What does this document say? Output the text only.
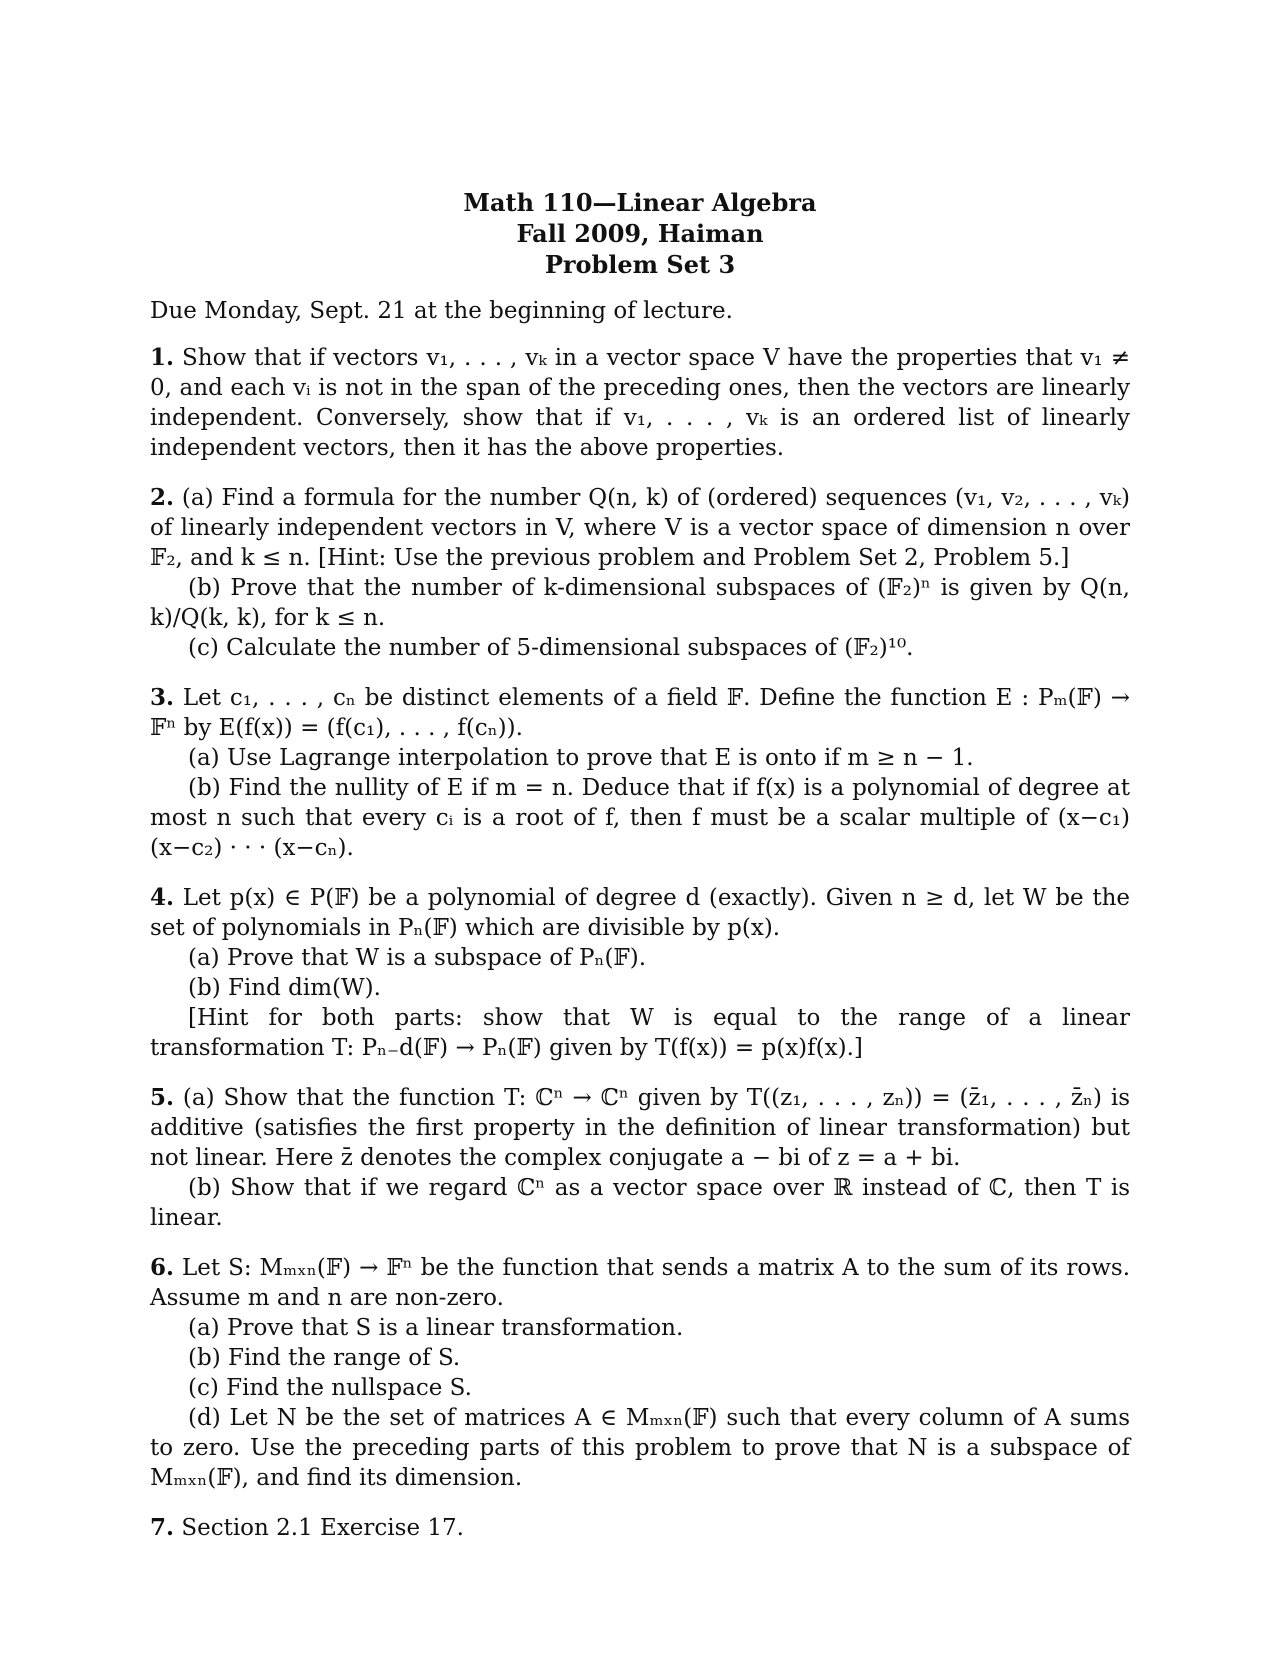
Math 110—Linear Algebra
Fall 2009, Haiman
Problem Set 3
Due Monday, Sept. 21 at the beginning of lecture.
1. Show that if vectors v₁, . . . , vₖ in a vector space V have the properties that v₁ ≠ 0, and each vᵢ is not in the span of the preceding ones, then the vectors are linearly independent. Conversely, show that if v₁, . . . , vₖ is an ordered list of linearly independent vectors, then it has the above properties.
2. (a) Find a formula for the number Q(n, k) of (ordered) sequences (v₁, v₂, . . . , vₖ) of linearly independent vectors in V, where V is a vector space of dimension n over 𝔽₂, and k ≤ n. [Hint: Use the previous problem and Problem Set 2, Problem 5.]
(b) Prove that the number of k-dimensional subspaces of (𝔽₂)ⁿ is given by Q(n, k)/Q(k, k), for k ≤ n.
(c) Calculate the number of 5-dimensional subspaces of (𝔽₂)¹⁰.
3. Let c₁, . . . , cₙ be distinct elements of a field 𝔽. Define the function E : Pₘ(𝔽) → 𝔽ⁿ by E(f(x)) = (f(c₁), . . . , f(cₙ)).
(a) Use Lagrange interpolation to prove that E is onto if m ≥ n − 1.
(b) Find the nullity of E if m = n. Deduce that if f(x) is a polynomial of degree at most n such that every cᵢ is a root of f, then f must be a scalar multiple of (x−c₁)(x−c₂) · · · (x−cₙ).
4. Let p(x) ∈ P(𝔽) be a polynomial of degree d (exactly). Given n ≥ d, let W be the set of polynomials in Pₙ(𝔽) which are divisible by p(x).
(a) Prove that W is a subspace of Pₙ(𝔽).
(b) Find dim(W).
[Hint for both parts: show that W is equal to the range of a linear transformation T: Pₙ₋d(𝔽) → Pₙ(𝔽) given by T(f(x)) = p(x)f(x).]
5. (a) Show that the function T: ℂⁿ → ℂⁿ given by T((z₁, . . . , zₙ)) = (z̄₁, . . . , z̄ₙ) is additive (satisfies the first property in the definition of linear transformation) but not linear. Here z̄ denotes the complex conjugate a − bi of z = a + bi.
(b) Show that if we regard ℂⁿ as a vector space over ℝ instead of ℂ, then T is linear.
6. Let S: Mₘₓₙ(𝔽) → 𝔽ⁿ be the function that sends a matrix A to the sum of its rows. Assume m and n are non-zero.
(a) Prove that S is a linear transformation.
(b) Find the range of S.
(c) Find the nullspace S.
(d) Let N be the set of matrices A ∈ Mₘₓₙ(𝔽) such that every column of A sums to zero. Use the preceding parts of this problem to prove that N is a subspace of Mₘₓₙ(𝔽), and find its dimension.
7. Section 2.1 Exercise 17.
